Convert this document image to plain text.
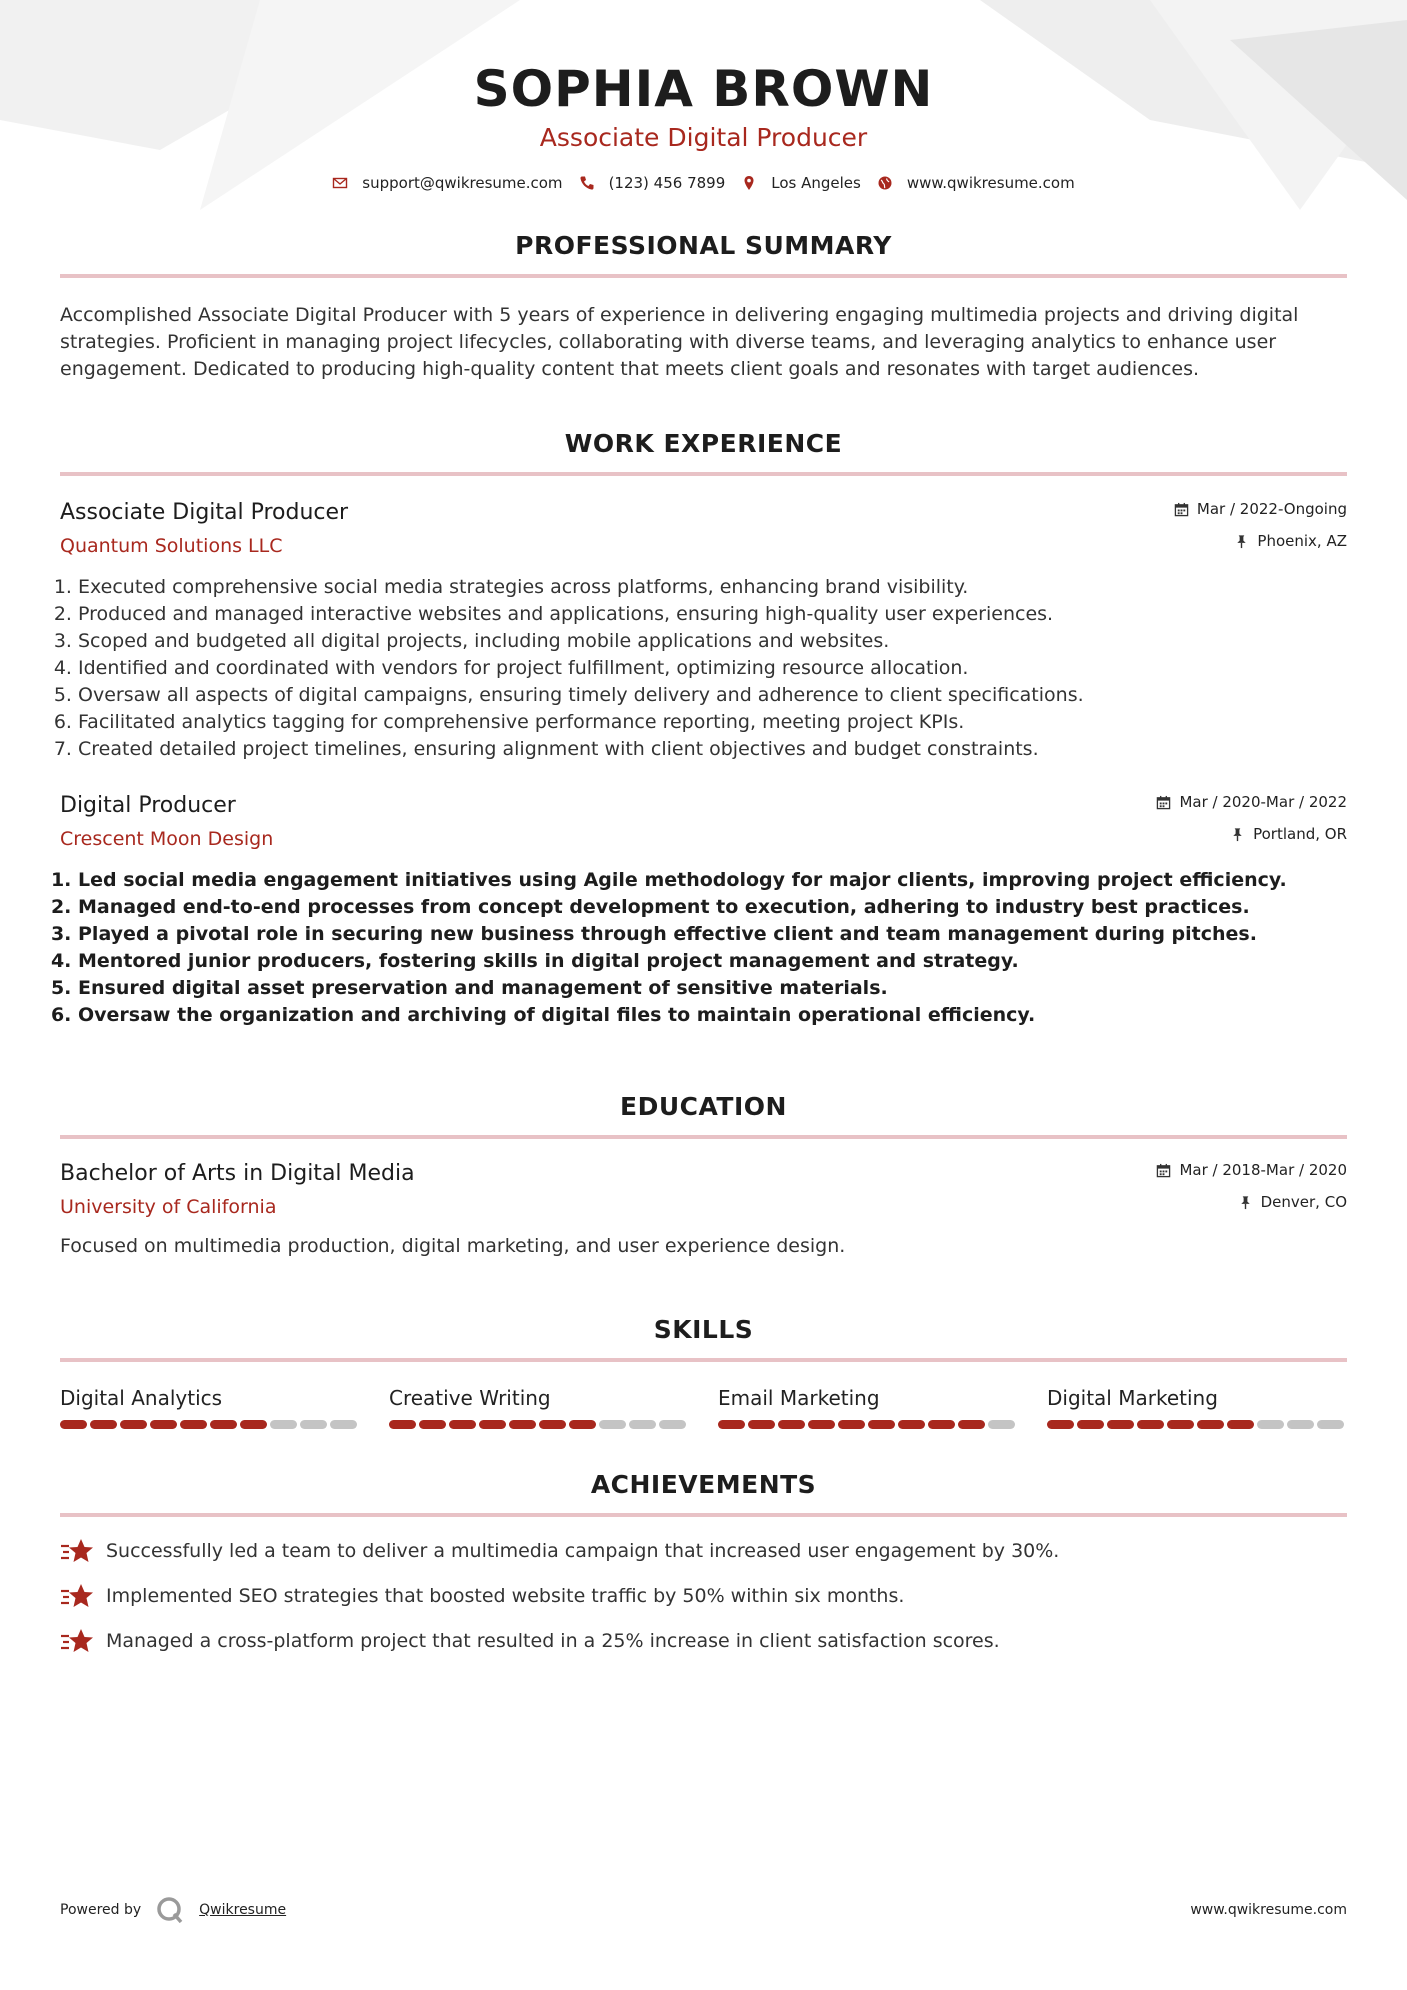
SOPHIA BROWN
Associate Digital Producer
support@qwikresume.com	(123) 456 7899	Los Angeles	www.qwikresume.com
PROFESSIONAL SUMMARY

Accomplished Associate Digital Producer with 5 years of experience in delivering engaging multimedia projects and driving digital strategies. Proficient in managing project lifecycles, collaborating with diverse teams, and leveraging analytics to enhance user engagement. Dedicated to producing high-quality content that meets client goals and resonates with target audiences.

WORK EXPERIENCE
Associate Digital Producer
Quantum Solutions LLC
Mar / 2022-Ongoing
Phoenix, AZ
1. Executed comprehensive social media strategies across platforms, enhancing brand visibility.
2. Produced and managed interactive websites and applications, ensuring high-quality user experiences.
3. Scoped and budgeted all digital projects, including mobile applications and websites.
4. Identified and coordinated with vendors for project fulfillment, optimizing resource allocation.
5. Oversaw all aspects of digital campaigns, ensuring timely delivery and adherence to client specifications.
6. Facilitated analytics tagging for comprehensive performance reporting, meeting project KPIs.
7. Created detailed project timelines, ensuring alignment with client objectives and budget constraints.
Digital Producer
Crescent Moon Design
Mar / 2020-Mar / 2022
Portland, OR
1. Led social media engagement initiatives using Agile methodology for major clients, improving project efficiency.
2. Managed end-to-end processes from concept development to execution, adhering to industry best practices.
3. Played a pivotal role in securing new business through effective client and team management during pitches.
4. Mentored junior producers, fostering skills in digital project management and strategy.
5. Ensured digital asset preservation and management of sensitive materials.
6. Oversaw the organization and archiving of digital files to maintain operational efficiency.
EDUCATION
Bachelor of Arts in Digital Media
University of California
Mar / 2018-Mar / 2020
Denver, CO

Focused on multimedia production, digital marketing, and user experience design.

SKILLS
Digital Analytics	Creative Writing	Email Marketing	Digital Marketing
ACHIEVEMENTS
Successfully led a team to deliver a multimedia campaign that increased user engagement by 30%.
Implemented SEO strategies that boosted website traffic by 50% within six months.
Managed a cross-platform project that resulted in a 25% increase in client satisfaction scores.
Powered by	Qwikresume	www.qwikresume.com
